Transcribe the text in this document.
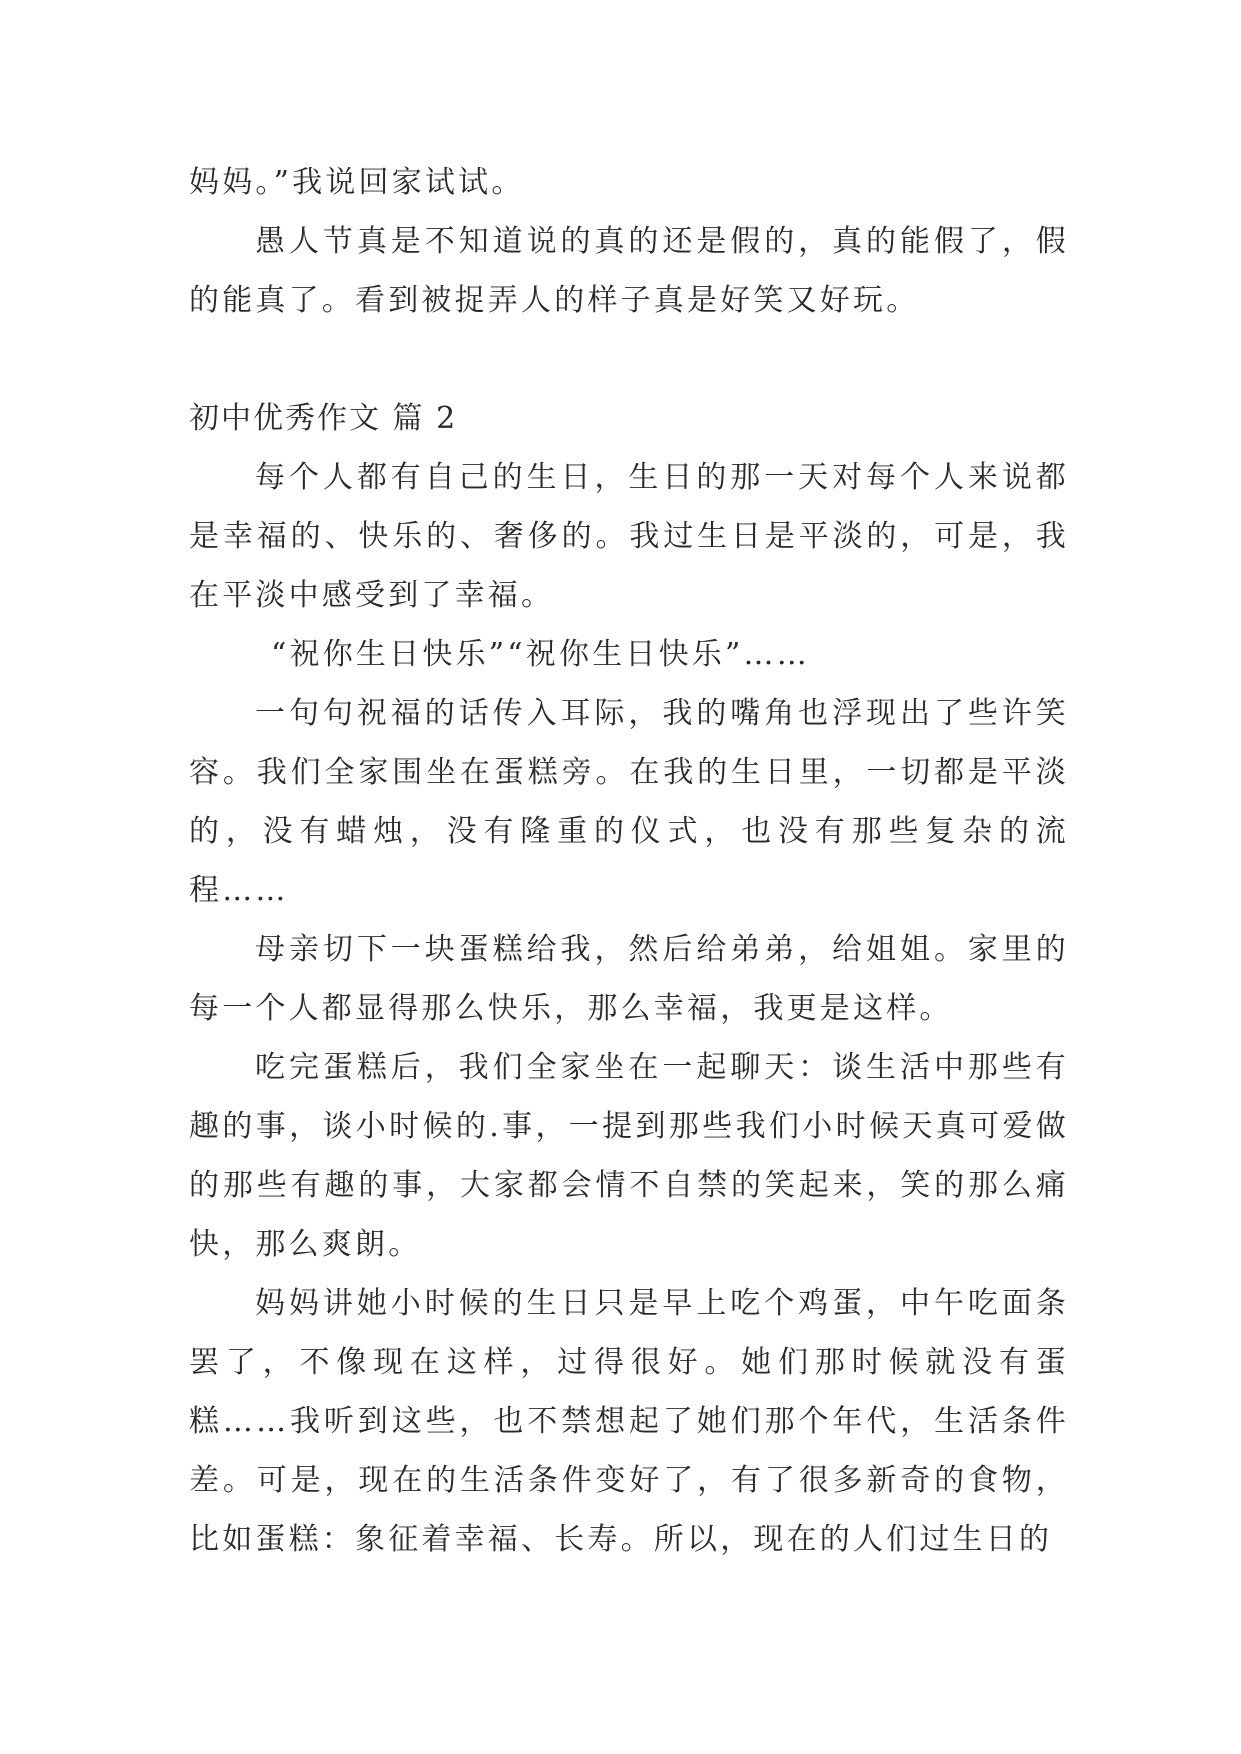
妈妈。”我说回家试试。

愚人节真是不知道说的真的还是假的，真的能假了，假的能真了。看到被捉弄人的样子真是好笑又好玩。

初中优秀作文 篇 2

每个人都有自己的生日，生日的那一天对每个人来说都是幸福的、快乐的、奢侈的。我过生日是平淡的，可是，我在平淡中感受到了幸福。

“祝你生日快乐”“祝你生日快乐”……

一句句祝福的话传入耳际，我的嘴角也浮现出了些许笑容。我们全家围坐在蛋糕旁。在我的生日里，一切都是平淡的，没有蜡烛，没有隆重的仪式，也没有那些复杂的流程……

母亲切下一块蛋糕给我，然后给弟弟，给姐姐。家里的每一个人都显得那么快乐，那么幸福，我更是这样。

吃完蛋糕后，我们全家坐在一起聊天：谈生活中那些有趣的事，谈小时候的.事，一提到那些我们小时候天真可爱做的那些有趣的事，大家都会情不自禁的笑起来，笑的那么痛快，那么爽朗。

妈妈讲她小时候的生日只是早上吃个鸡蛋，中午吃面条罢了，不像现在这样，过得很好。她们那时候就没有蛋糕……我听到这些，也不禁想起了她们那个年代，生活条件差。可是，现在的生活条件变好了，有了很多新奇的食物，比如蛋糕：象征着幸福、长寿。所以，现在的人们过生日的
